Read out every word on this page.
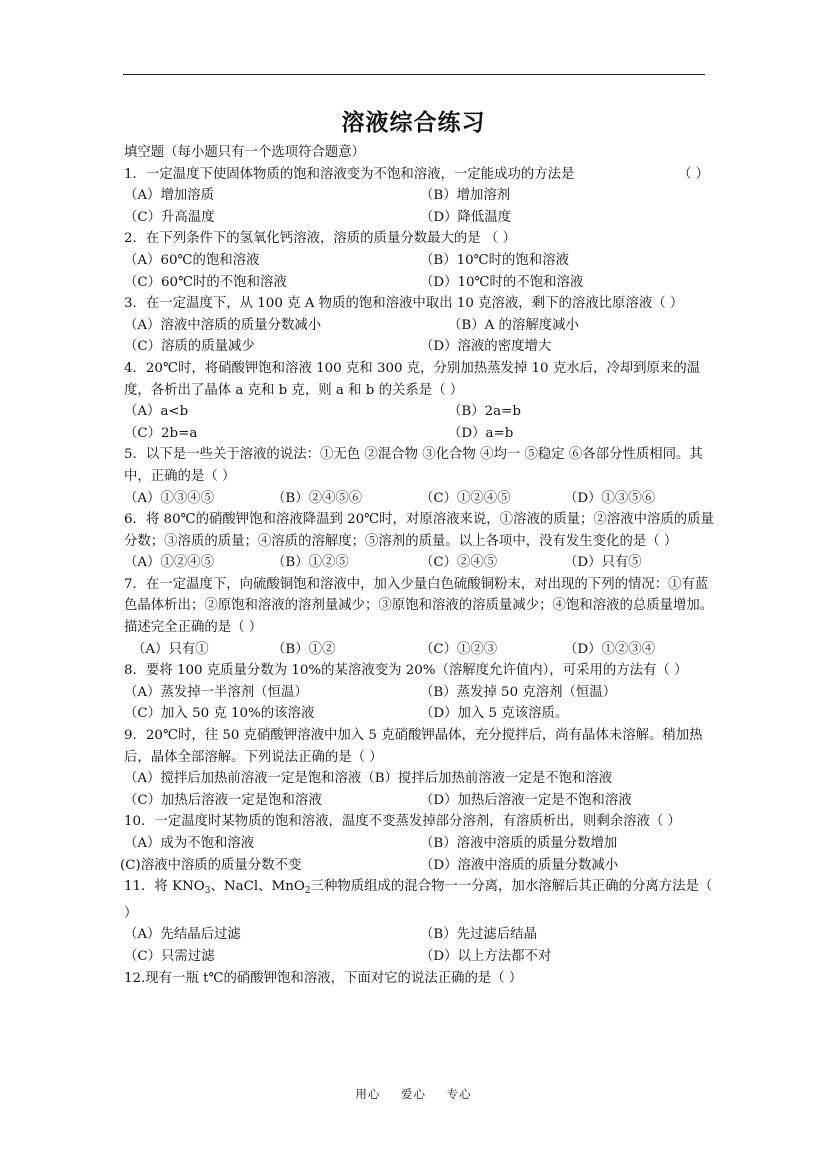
溶液综合练习
填空题（每小题只有一个选项符合题意）
1．一定温度下使固体物质的饱和溶液变为不饱和溶液，一定能成功的方法是	（ ）
（A）增加溶质	（B）增加溶剂
（C）升高温度	（D）降低温度
2．在下列条件下的氢氧化钙溶液，溶质的质量分数最大的是 （ ）
（A）60℃的饱和溶液	（B）10℃时的饱和溶液
（C）60℃时的不饱和溶液	（D）10℃时的不饱和溶液
3．在一定温度下，从 100 克 A 物质的饱和溶液中取出 10 克溶液，剩下的溶液比原溶液（ ）
（A）溶液中溶质的质量分数减小	（B）A 的溶解度减小
（C）溶质的质量减少	（D）溶液的密度增大
4．20℃时，将硝酸钾饱和溶液 100 克和 300 克，分别加热蒸发掉 10 克水后，冷却到原来的温度，各析出了晶体 a 克和 b 克，则 a 和 b 的关系是（ ）
（A）a<b	（B）2a=b
（C）2b=a	（D）a=b
5．以下是一些关于溶液的说法：①无色 ②混合物 ③化合物 ④均一 ⑤稳定 ⑥各部分性质相同。其中，正确的是（ ）
（A）①③④⑤	（B）②④⑤⑥	（C）①②④⑤	（D）①③⑤⑥
6．将 80℃的硝酸钾饱和溶液降温到 20℃时，对原溶液来说，①溶液的质量；②溶液中溶质的质量分数；③溶质的质量；④溶质的溶解度；⑤溶剂的质量。以上各项中，没有发生变化的是（ ）
（A）①②④⑤	（B）①②⑤	（C）②④⑤	（D）只有⑤
7．在一定温度下，向硫酸铜饱和溶液中，加入少量白色硫酸铜粉末，对出现的下列的情况：①有蓝色晶体析出；②原饱和溶液的溶剂量减少；③原饱和溶液的溶质量减少；④饱和溶液的总质量增加。描述完全正确的是（ ）
（A）只有①	（B）①②	（C）①②③	（D）①②③④
8．要将 100 克质量分数为 10%的某溶液变为 20%（溶解度允许值内），可采用的方法有（ ）
（A）蒸发掉一半溶剂（恒温）	（B）蒸发掉 50 克溶剂（恒温）
（C）加入 50 克 10%的该溶液	（D）加入 5 克该溶质。
9．20℃时，往 50 克硝酸钾溶液中加入 5 克硝酸钾晶体，充分搅拌后，尚有晶体未溶解。稍加热后，晶体全部溶解。下列说法正确的是（ ）
（A）搅拌后加热前溶液一定是饱和溶液（B）搅拌后加热前溶液一定是不饱和溶液
（C）加热后溶液一定是饱和溶液	（D）加热后溶液一定是不饱和溶液
10．一定温度时某物质的饱和溶液，温度不变蒸发掉部分溶剂，有溶质析出，则剩余溶液（ ）
（A）成为不饱和溶液	（B）溶液中溶质的质量分数增加
(C)溶液中溶质的质量分数不变	（D）溶液中溶质的质量分数减小
11．将 $KNO_3$、NaCl、MnO$_2$三种物质组成的混合物一一分离，加水溶解后其正确的分离方法是（ ）
（A）先结晶后过滤	（B）先过滤后结晶
（C）只需过滤	（D）以上方法都不对
12.现有一瓶 t℃的硝酸钾饱和溶液，下面对它的说法正确的是（ ）
用心 爱心 专心
